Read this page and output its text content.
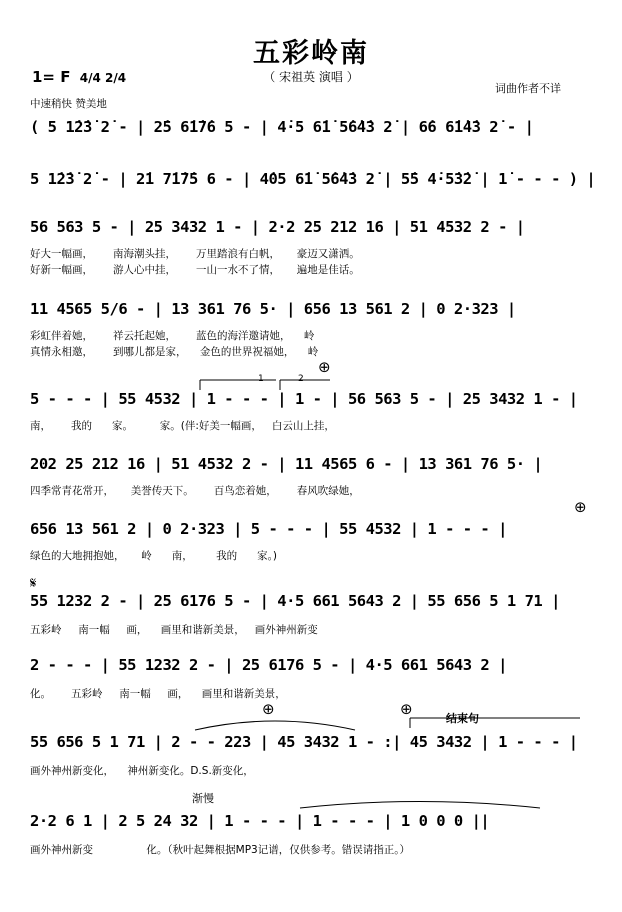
五彩岭南
（ 宋祖英 演唱 ）
1= F 4/4 2/4
中速稍快 赞美地
词曲作者不详
( 5 1̇2̇3̇ 2̇ - | 2̇5 6̇1̇7̇6 5 - | 4̇·5 6̇1̇ 5̇6̇4̇3 2̇ | 6̇6 6̇1̇4̇3 2̇ - |
5 1̇2̇3̇ 2̇ - | 2̇1 7̇1̇7̇5 6 - | 4̇05 6̇1̇ 5̇6̇4̇3 2̇ | 5̇5 4̇·5̇3̇2̇ | 1̇ - - - ) |
56 563 5 - | 25 3432 1 - | 2·2 25 212 16 | 51 4532 2 - |
好大一幅画，      南海潮头挂，      万里踏浪有白帆，     豪迈又潇洒。
好新一幅画，      游人心中挂，      一山一水不了情，     遍地是佳话。
11 4565 5/6 - | 13 361 76 5· | 656 13 561 2 | 0 2·323 |
彩虹伴着她，      祥云托起她，      蓝色的海洋邀请她，    岭
真情永相邀，      到哪儿都是家，    金色的世界祝福她，    岭
5 - - - | 55 4532 | 1 - - - | 1 - | 56 563 5 - | 25 3432 1 - |
南，      我的      家。        家。(伴:好美一幅画，   白云山上挂，
202 25 212 16 | 51 4532 2 - | 11 4565 6 - | 13 361 76 5· |
四季常青花常开，     美誉传天下。      百鸟恋着她，      春风吹绿她，
656 13 561 2 | 0 2·323 | 5 - - - | 55 4532 | 1 - - - |
绿色的大地拥抱她，     岭      南，       我的      家。)
55 1232 2 - | 25 6176 5 - | 4·5 661 5643 2 | 55 656 5 1 71 |
五彩岭     南一幅     画，    画里和谐新美景，   画外神州新变
2 - - - | 55 1232 2 - | 25 6176 5 - | 4·5 661 5643 2 |
化。      五彩岭     南一幅     画，    画里和谐新美景，
55 656 5 1 71 | 2 - - 223 | 45 3432 1 - :| 45 3432 | 1 - - - |
画外神州新变化，    神州新变化。D.S.新变化，
2·2 6 1 | 2 5 24 32 | 1 - - - | 1 - - - | 1 0 0 0 ||
画外神州新变                化。（秋叶起舞根据MP3记谱，仅供参考。错误请指正。）
1	2
⊕
⊕
𝄋
⊕	⊕
结束句
渐慢
